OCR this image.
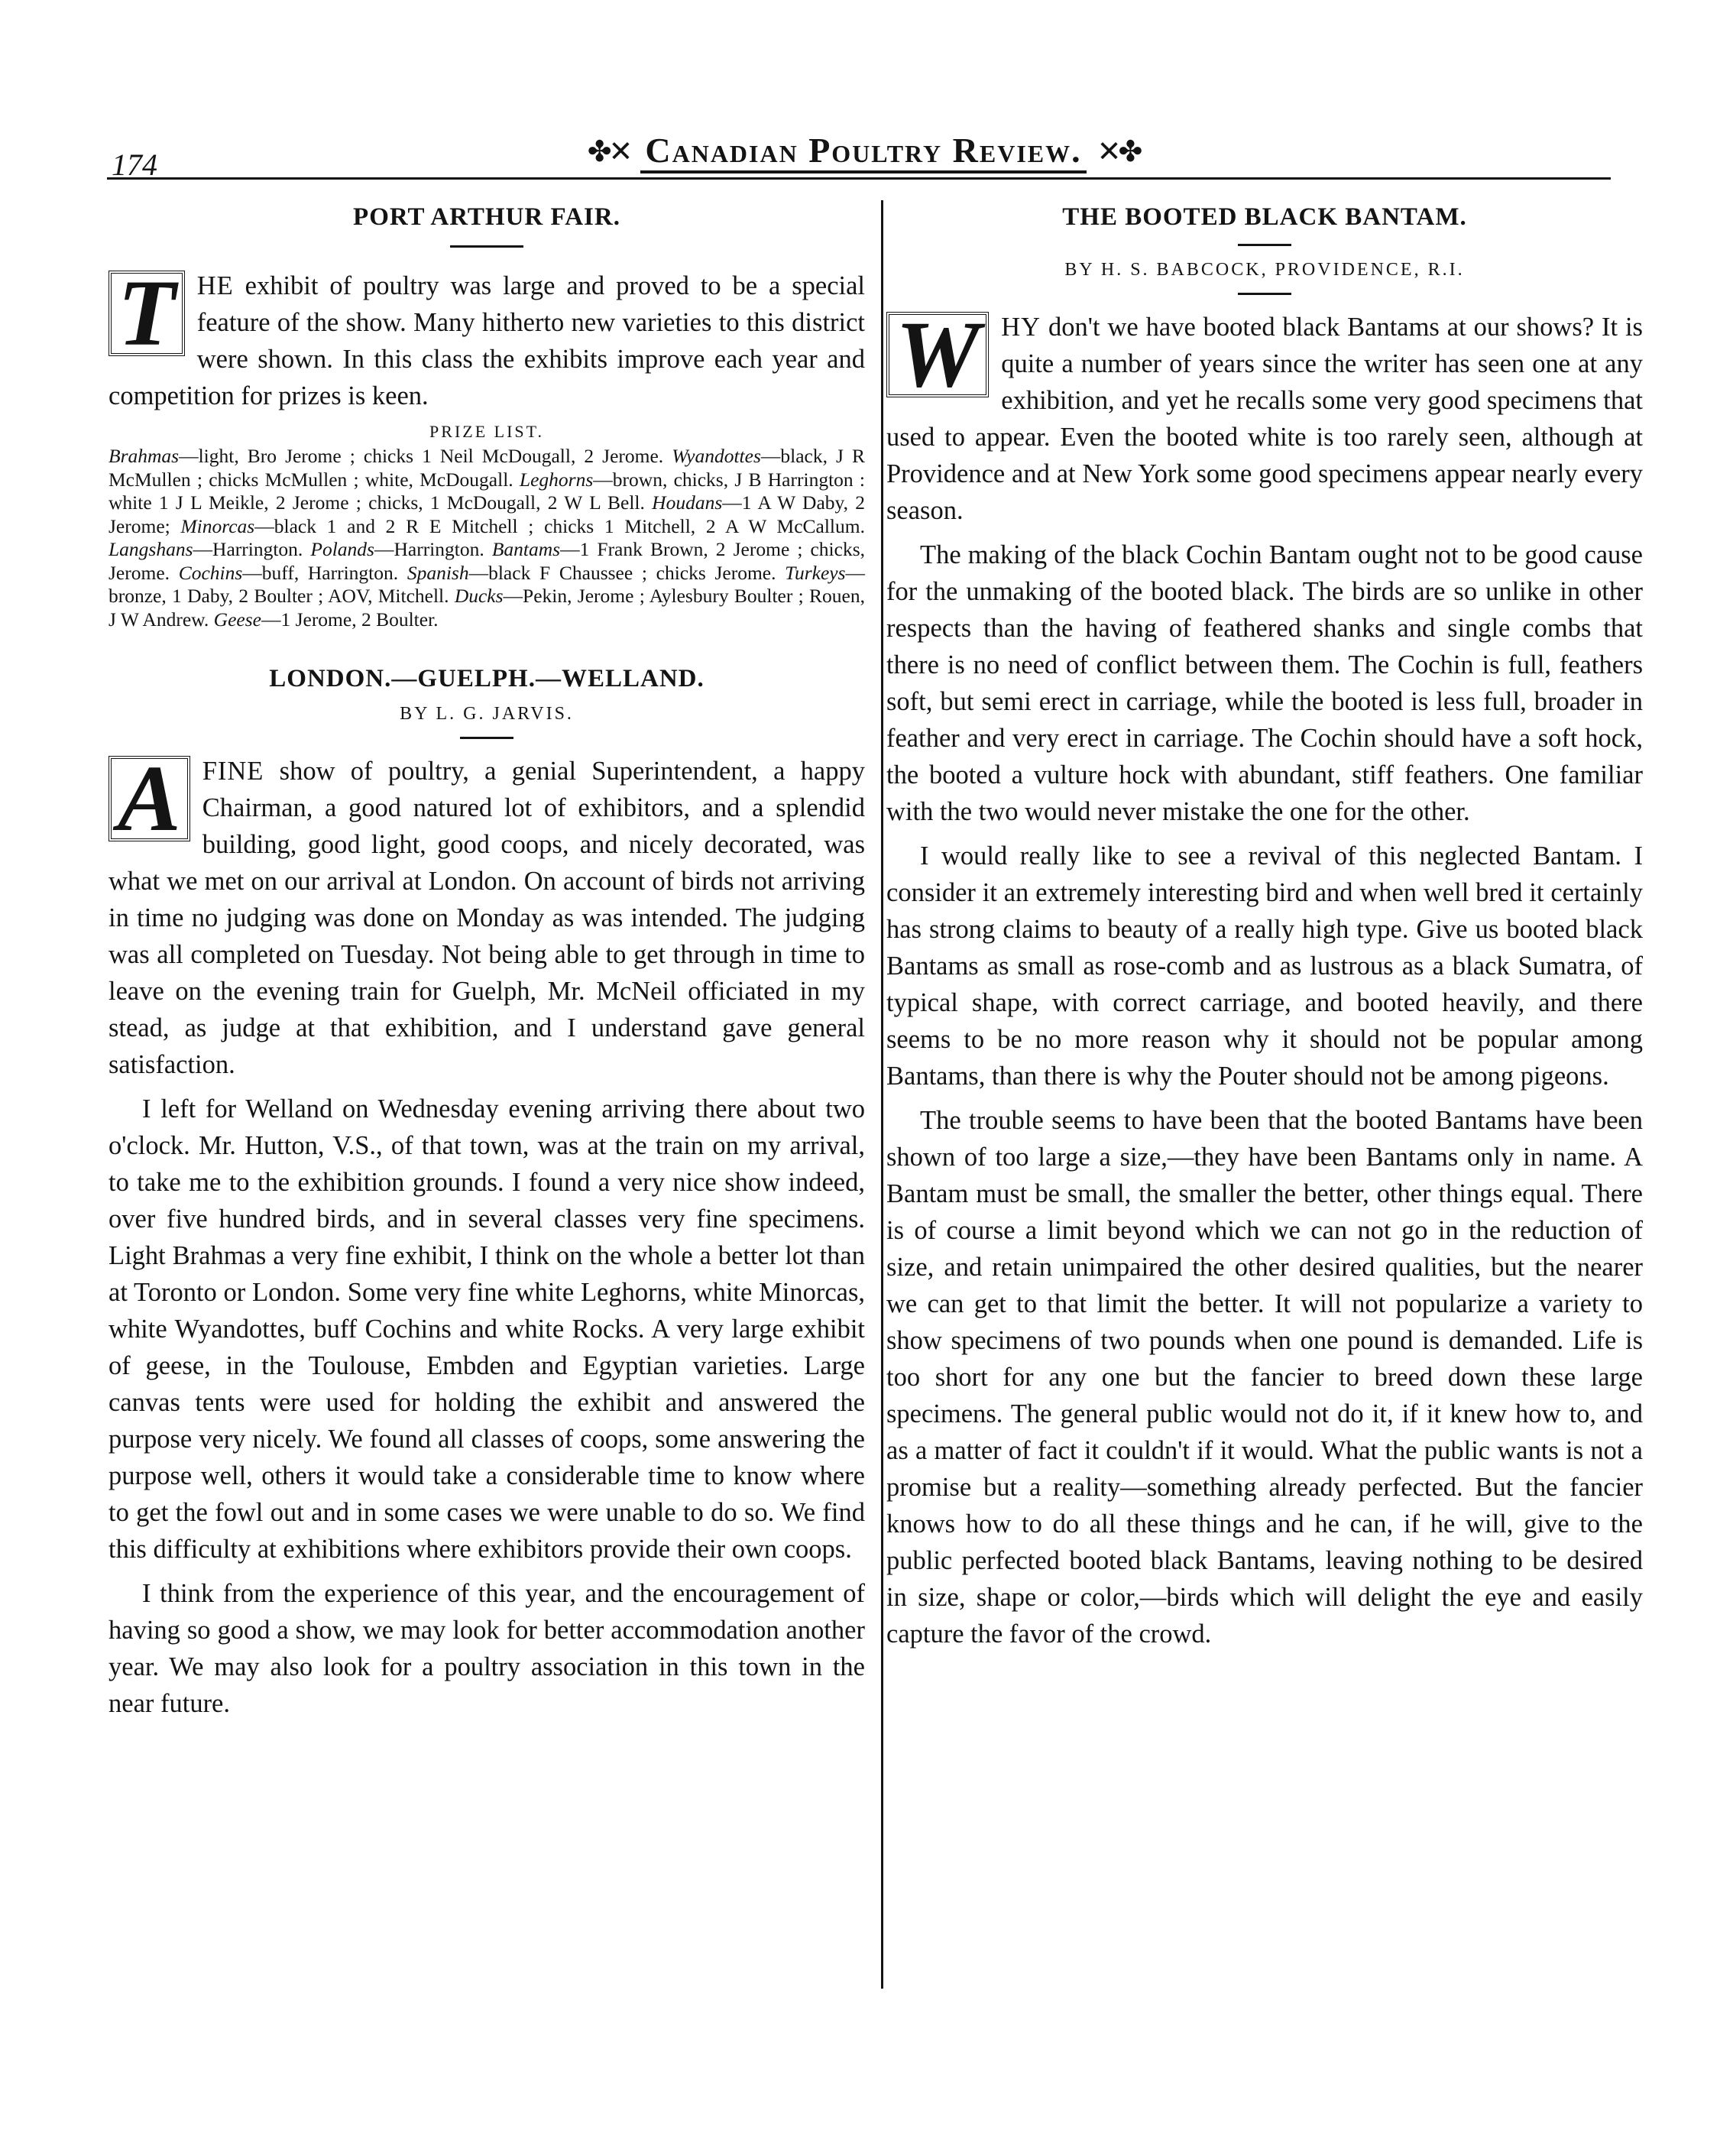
174	✤✕ Canadian Poultry Review. ✕✤
PORT ARTHUR FAIR.

T HE exhibit of poultry was large and proved to be a special feature of the show. Many hitherto new varieties to this district were shown. In this class the exhibits improve each year and competition for prizes is keen.

PRIZE LIST.

Brahmas—light, Bro Jerome ; chicks 1 Neil McDougall, 2 Jerome. Wyandottes—black, J R McMullen ; chicks McMullen ; white, McDougall. Leghorns—brown, chicks, J B Harrington : white 1 J L Meikle, 2 Jerome ; chicks, 1 McDougall, 2 W L Bell. Houdans—1 A W Daby, 2 Jerome; Minorcas—black 1 and 2 R E Mitchell ; chicks 1 Mitchell, 2 A W McCallum. Langshans—Harrington. Polands—Harrington. Bantams—1 Frank Brown, 2 Jerome ; chicks, Jerome. Cochins—buff, Harrington. Spanish—black F Chaussee ; chicks Jerome. Turkeys—bronze, 1 Daby, 2 Boulter ; AOV, Mitchell. Ducks—Pekin, Jerome ; Aylesbury Boulter ; Rouen, J W Andrew. Geese—1 Jerome, 2 Boulter.

LONDON.—GUELPH.—WELLAND.
BY L. G. JARVIS.

A FINE show of poultry, a genial Superintendent, a happy Chairman, a good natured lot of exhibitors, and a splendid building, good light, good coops, and nicely decorated, was what we met on our arrival at London. On account of birds not arriving in time no judging was done on Monday as was intended. The judging was all completed on Tuesday. Not being able to get through in time to leave on the evening train for Guelph, Mr. McNeil officiated in my stead, as judge at that exhibition, and I understand gave general satisfaction.

I left for Welland on Wednesday evening arriving there about two o'clock. Mr. Hutton, V.S., of that town, was at the train on my arrival, to take me to the exhibition grounds. I found a very nice show indeed, over five hundred birds, and in several classes very fine specimens. Light Brahmas a very fine exhibit, I think on the whole a better lot than at Toronto or London. Some very fine white Leghorns, white Minorcas, white Wyandottes, buff Cochins and white Rocks. A very large exhibit of geese, in the Toulouse, Embden and Egyptian varieties. Large canvas tents were used for holding the exhibit and answered the purpose very nicely. We found all classes of coops, some answering the purpose well, others it would take a considerable time to know where to get the fowl out and in some cases we were unable to do so. We find this difficulty at exhibitions where exhibitors provide their own coops.

I think from the experience of this year, and the encouragement of having so good a show, we may look for better accommodation another year. We may also look for a poultry association in this town in the near future.

THE BOOTED BLACK BANTAM.
BY H. S. BABCOCK, PROVIDENCE, R.I.

W HY don't we have booted black Bantams at our shows? It is quite a number of years since the writer has seen one at any exhibition, and yet he recalls some very good specimens that used to appear. Even the booted white is too rarely seen, although at Providence and at New York some good specimens appear nearly every season.

The making of the black Cochin Bantam ought not to be good cause for the unmaking of the booted black. The birds are so unlike in other respects than the having of feathered shanks and single combs that there is no need of conflict between them. The Cochin is full, feathers soft, but semi erect in carriage, while the booted is less full, broader in feather and very erect in carriage. The Cochin should have a soft hock, the booted a vulture hock with abundant, stiff feathers. One familiar with the two would never mistake the one for the other.

I would really like to see a revival of this neglected Bantam. I consider it an extremely interesting bird and when well bred it certainly has strong claims to beauty of a really high type. Give us booted black Bantams as small as rose-comb and as lustrous as a black Sumatra, of typical shape, with correct carriage, and booted heavily, and there seems to be no more reason why it should not be popular among Bantams, than there is why the Pouter should not be among pigeons.

The trouble seems to have been that the booted Bantams have been shown of too large a size,—they have been Bantams only in name. A Bantam must be small, the smaller the better, other things equal. There is of course a limit beyond which we can not go in the reduction of size, and retain unimpaired the other desired qualities, but the nearer we can get to that limit the better. It will not popularize a variety to show specimens of two pounds when one pound is demanded. Life is too short for any one but the fancier to breed down these large specimens. The general public would not do it, if it knew how to, and as a matter of fact it couldn't if it would. What the public wants is not a promise but a reality—something already perfected. But the fancier knows how to do all these things and he can, if he will, give to the public perfected booted black Bantams, leaving nothing to be desired in size, shape or color,—birds which will delight the eye and easily capture the favor of the crowd.
